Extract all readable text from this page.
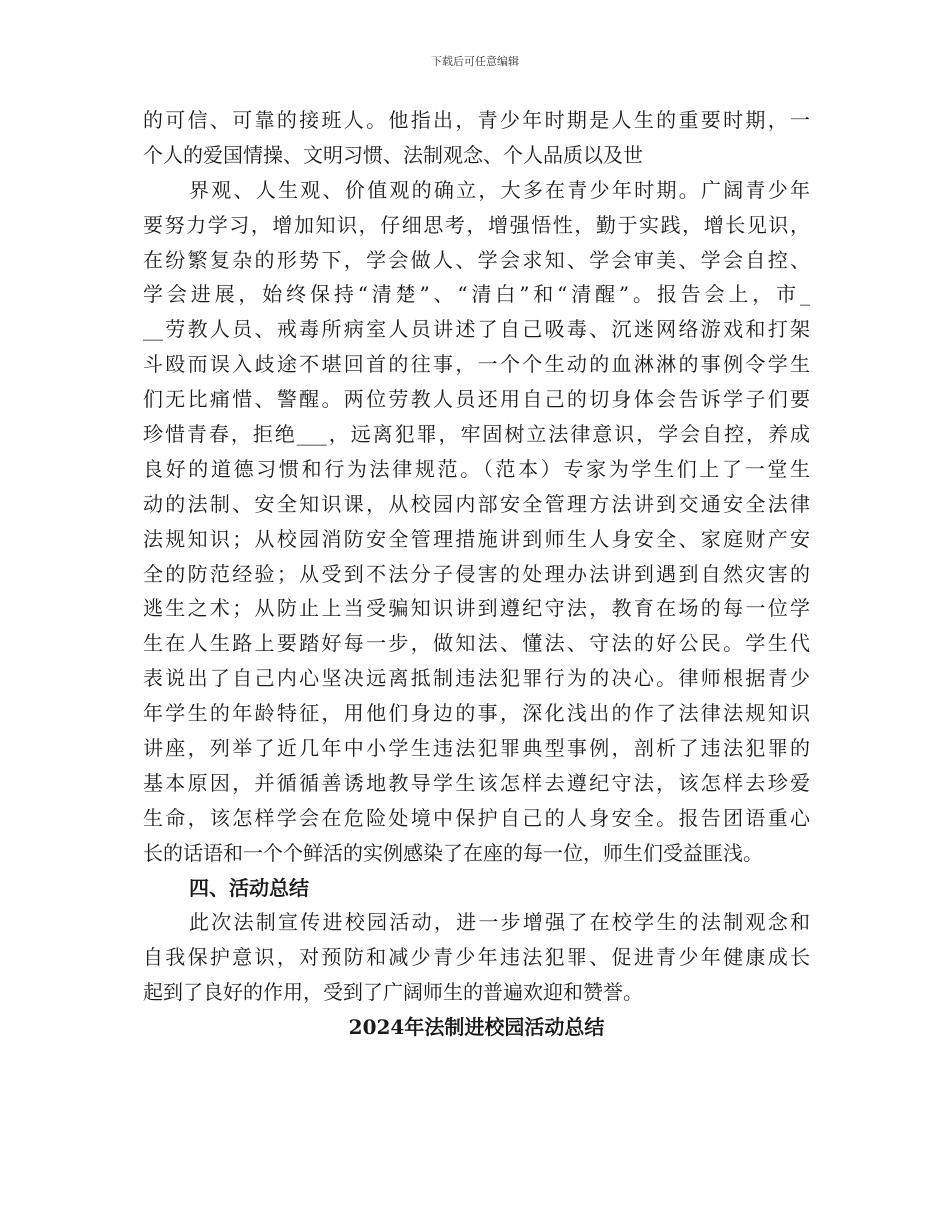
下载后可任意编辑
的可信、可靠的接班人。他指出，青少年时期是人生的重要时期，一
个人的爱国情操、文明习惯、法制观念、个人品质以及世
界观、人生观、价值观的确立，大多在青少年时期。广阔青少年
要努力学习，增加知识，仔细思考，增强悟性，勤于实践，增长见识，
在纷繁复杂的形势下，学会做人、学会求知、学会审美、学会自控、
学会进展，始终保持“清楚”、“清白”和“清醒”。报告会上，市_
__劳教人员、戒毒所病室人员讲述了自己吸毒、沉迷网络游戏和打架
斗殴而误入歧途不堪回首的往事，一个个生动的血淋淋的事例令学生
们无比痛惜、警醒。两位劳教人员还用自己的切身体会告诉学子们要
珍惜青春，拒绝___，远离犯罪，牢固树立法律意识，学会自控，养成
良好的道德习惯和行为法律规范。（范本）专家为学生们上了一堂生
动的法制、安全知识课，从校园内部安全管理方法讲到交通安全法律
法规知识；从校园消防安全管理措施讲到师生人身安全、家庭财产安
全的防范经验；从受到不法分子侵害的处理办法讲到遇到自然灾害的
逃生之术；从防止上当受骗知识讲到遵纪守法，教育在场的每一位学
生在人生路上要踏好每一步，做知法、懂法、守法的好公民。学生代
表说出了自己内心坚决远离抵制违法犯罪行为的决心。律师根据青少
年学生的年龄特征，用他们身边的事，深化浅出的作了法律法规知识
讲座，列举了近几年中小学生违法犯罪典型事例，剖析了违法犯罪的
基本原因，并循循善诱地教导学生该怎样去遵纪守法，该怎样去珍爱
生命，该怎样学会在危险处境中保护自己的人身安全。报告团语重心
长的话语和一个个鲜活的实例感染了在座的每一位，师生们受益匪浅。
四、活动总结
此次法制宣传进校园活动，进一步增强了在校学生的法制观念和
自我保护意识，对预防和减少青少年违法犯罪、促进青少年健康成长
起到了良好的作用，受到了广阔师生的普遍欢迎和赞誉。
2024年法制进校园活动总结
